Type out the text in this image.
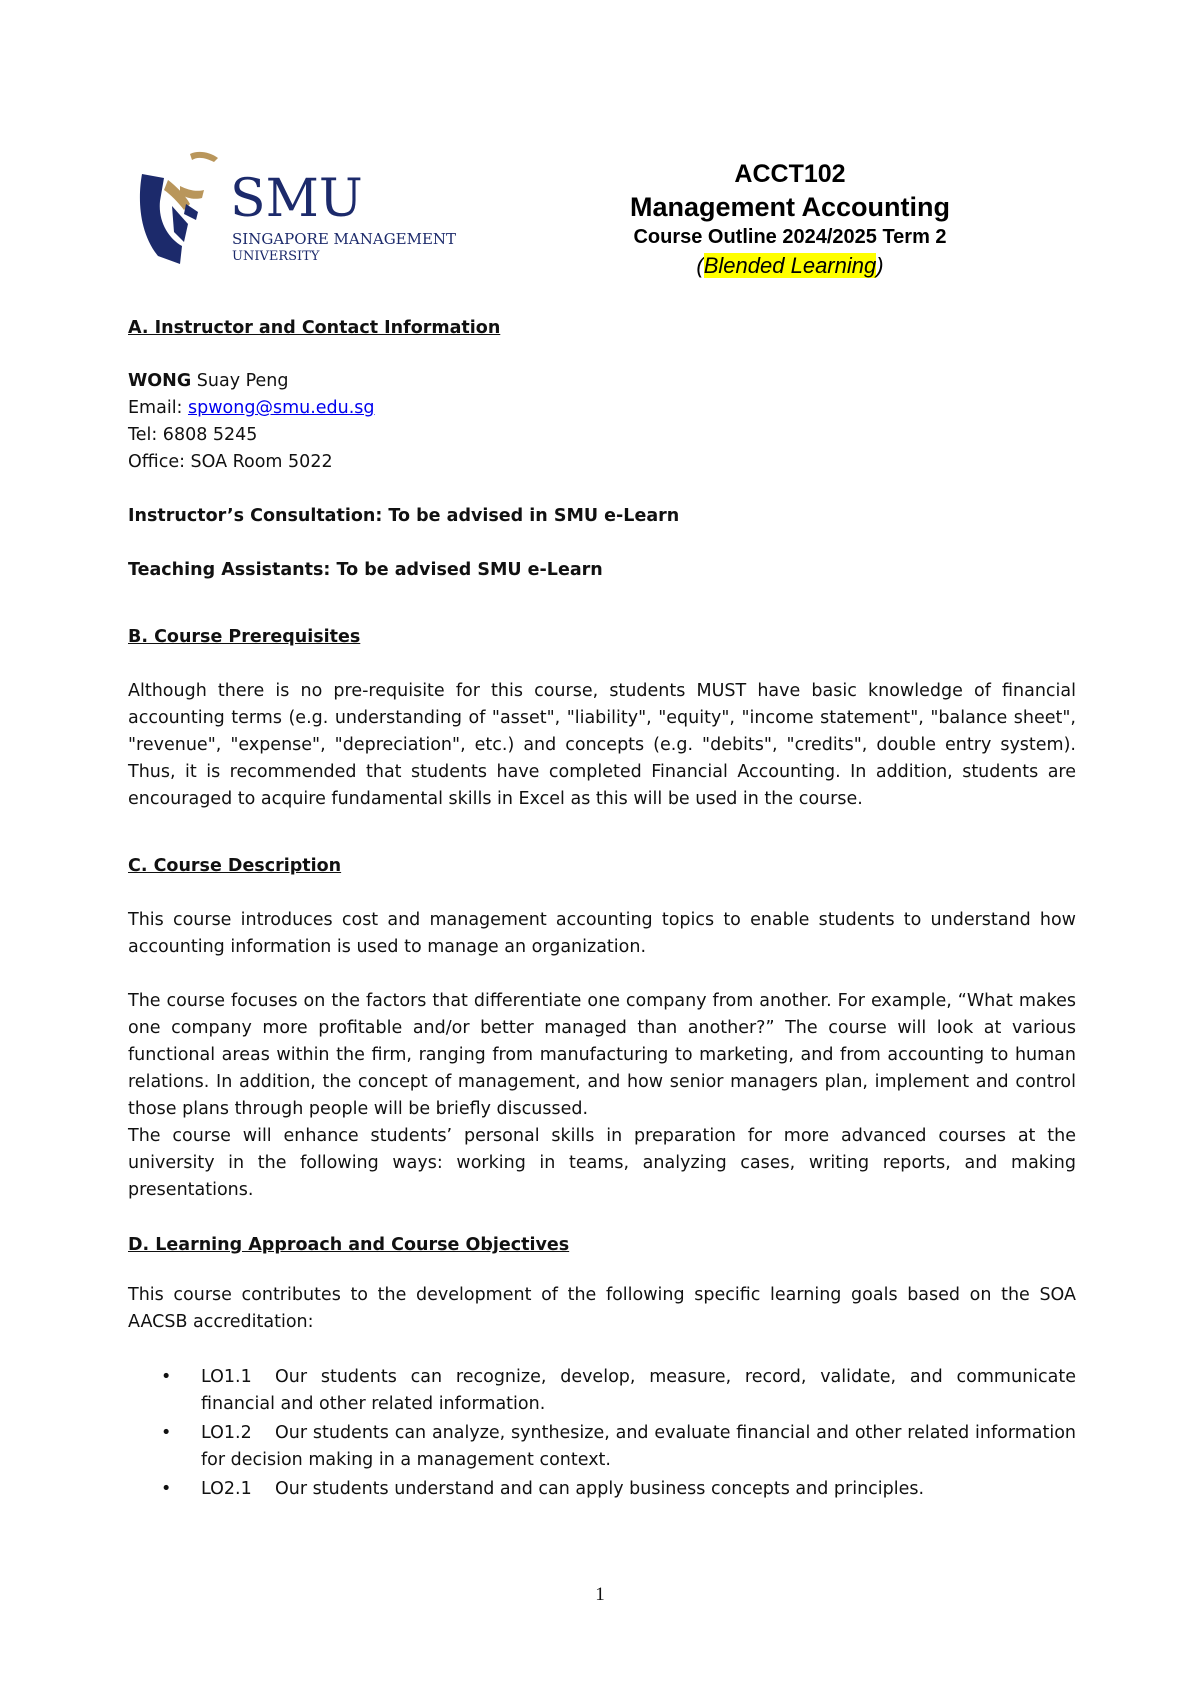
SMU
SINGAPORE MANAGEMENT
UNIVERSITY
ACCT102
Management Accounting
Course Outline 2024/2025 Term 2
(Blended Learning)
A. Instructor and Contact Information
WONG Suay Peng
Email: spwong@smu.edu.sg
Tel: 6808 5245
Office: SOA Room 5022
Instructor’s Consultation: To be advised in SMU e-Learn
Teaching Assistants: To be advised SMU e-Learn
B. Course Prerequisites
Although there is no pre-requisite for this course, students MUST have basic knowledge of financial accounting terms (e.g. understanding of "asset", "liability", "equity", "income statement", "balance sheet", "revenue", "expense", "depreciation", etc.) and concepts (e.g. "debits", "credits", double entry system). Thus, it is recommended that students have completed Financial Accounting. In addition, students are encouraged to acquire fundamental skills in Excel as this will be used in the course.
C. Course Description
This course introduces cost and management accounting topics to enable students to understand how accounting information is used to manage an organization.
The course focuses on the factors that differentiate one company from another. For example, “What makes one company more profitable and/or better managed than another?” The course will look at various functional areas within the firm, ranging from manufacturing to marketing, and from accounting to human relations. In addition, the concept of management, and how senior managers plan, implement and control those plans through people will be briefly discussed.
The course will enhance students’ personal skills in preparation for more advanced courses at the university in the following ways: working in teams, analyzing cases, writing reports, and making presentations.
D. Learning Approach and Course Objectives
This course contributes to the development of the following specific learning goals based on the SOA AACSB accreditation:
• LO1.1 Our students can recognize, develop, measure, record, validate, and communicate financial and other related information.
• LO1.2 Our students can analyze, synthesize, and evaluate financial and other related information for decision making in a management context.
• LO2.1 Our students understand and can apply business concepts and principles.
1
